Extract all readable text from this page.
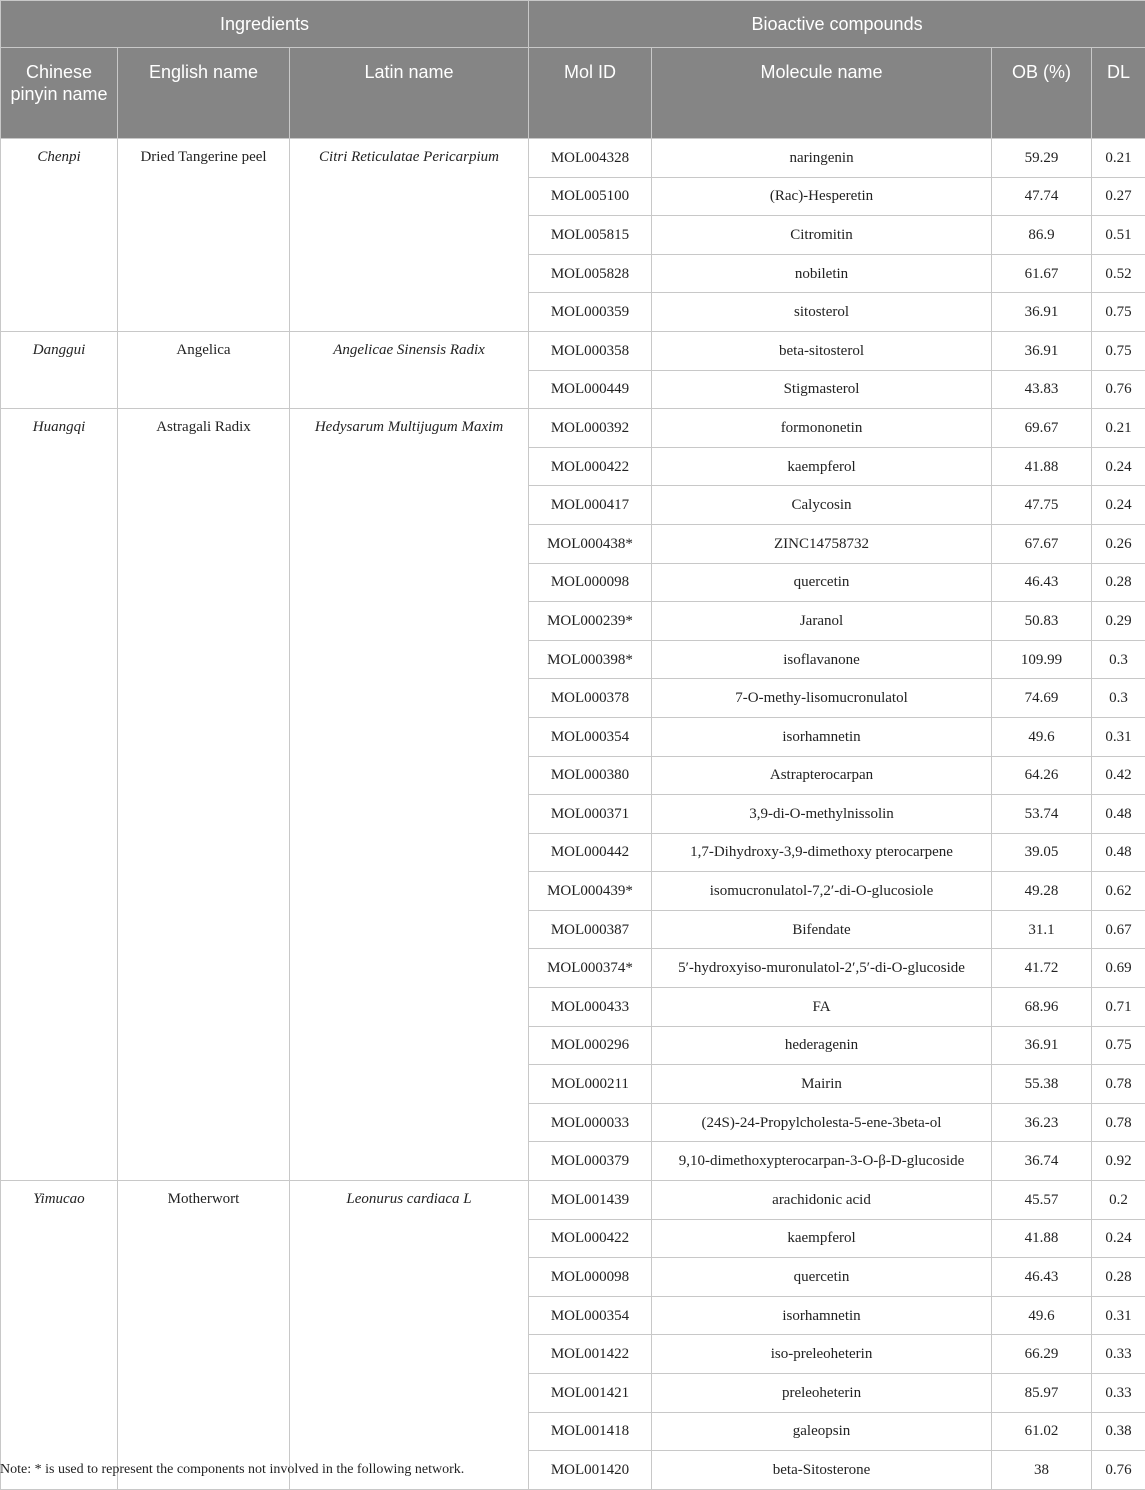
Ingredients			Bioactive compounds			
Chinese pinyin name	English name	Latin name	Mol ID	Molecule name	OB (%)	DL
Chenpi	Dried Tangerine peel	Citri Reticulatae Pericarpium	MOL004328	naringenin	59.29	0.21
			MOL005100	(Rac)-Hesperetin	47.74	0.27
			MOL005815	Citromitin	86.9	0.51
			MOL005828	nobiletin	61.67	0.52
			MOL000359	sitosterol	36.91	0.75
Danggui	Angelica	Angelicae Sinensis Radix	MOL000358	beta-sitosterol	36.91	0.75
			MOL000449	Stigmasterol	43.83	0.76
Huangqi	Astragali Radix	Hedysarum Multijugum Maxim	MOL000392	formononetin	69.67	0.21
			MOL000422	kaempferol	41.88	0.24
			MOL000417	Calycosin	47.75	0.24
			MOL000438*	ZINC14758732	67.67	0.26
			MOL000098	quercetin	46.43	0.28
			MOL000239*	Jaranol	50.83	0.29
			MOL000398*	isoflavanone	109.99	0.3
			MOL000378	7-O-methy-lisomucronulatol	74.69	0.3
			MOL000354	isorhamnetin	49.6	0.31
			MOL000380	Astrapterocarpan	64.26	0.42
			MOL000371	3,9-di-O-methylnissolin	53.74	0.48
			MOL000442	1,7-Dihydroxy-3,9-dimethoxy pterocarpene	39.05	0.48
			MOL000439*	isomucronulatol-7,2′-di-O-glucosiole	49.28	0.62
			MOL000387	Bifendate	31.1	0.67
			MOL000374*	5′-hydroxyiso-muronulatol-2′,5′-di-O-glucoside	41.72	0.69
			MOL000433	FA	68.96	0.71
			MOL000296	hederagenin	36.91	0.75
			MOL000211	Mairin	55.38	0.78
			MOL000033	(24S)-24-Propylcholesta-5-ene-3beta-ol	36.23	0.78
			MOL000379	9,10-dimethoxypterocarpan-3-O-β-D-glucoside	36.74	0.92
Yimucao	Motherwort	Leonurus cardiaca L	MOL001439	arachidonic acid	45.57	0.2
			MOL000422	kaempferol	41.88	0.24
			MOL000098	quercetin	46.43	0.28
			MOL000354	isorhamnetin	49.6	0.31
			MOL001422	iso-preleoheterin	66.29	0.33
			MOL001421	preleoheterin	85.97	0.33
			MOL001418	galeopsin	61.02	0.38
			MOL001420	beta-Sitosterone	38	0.76
Note: * is used to represent the components not involved in the following network.
